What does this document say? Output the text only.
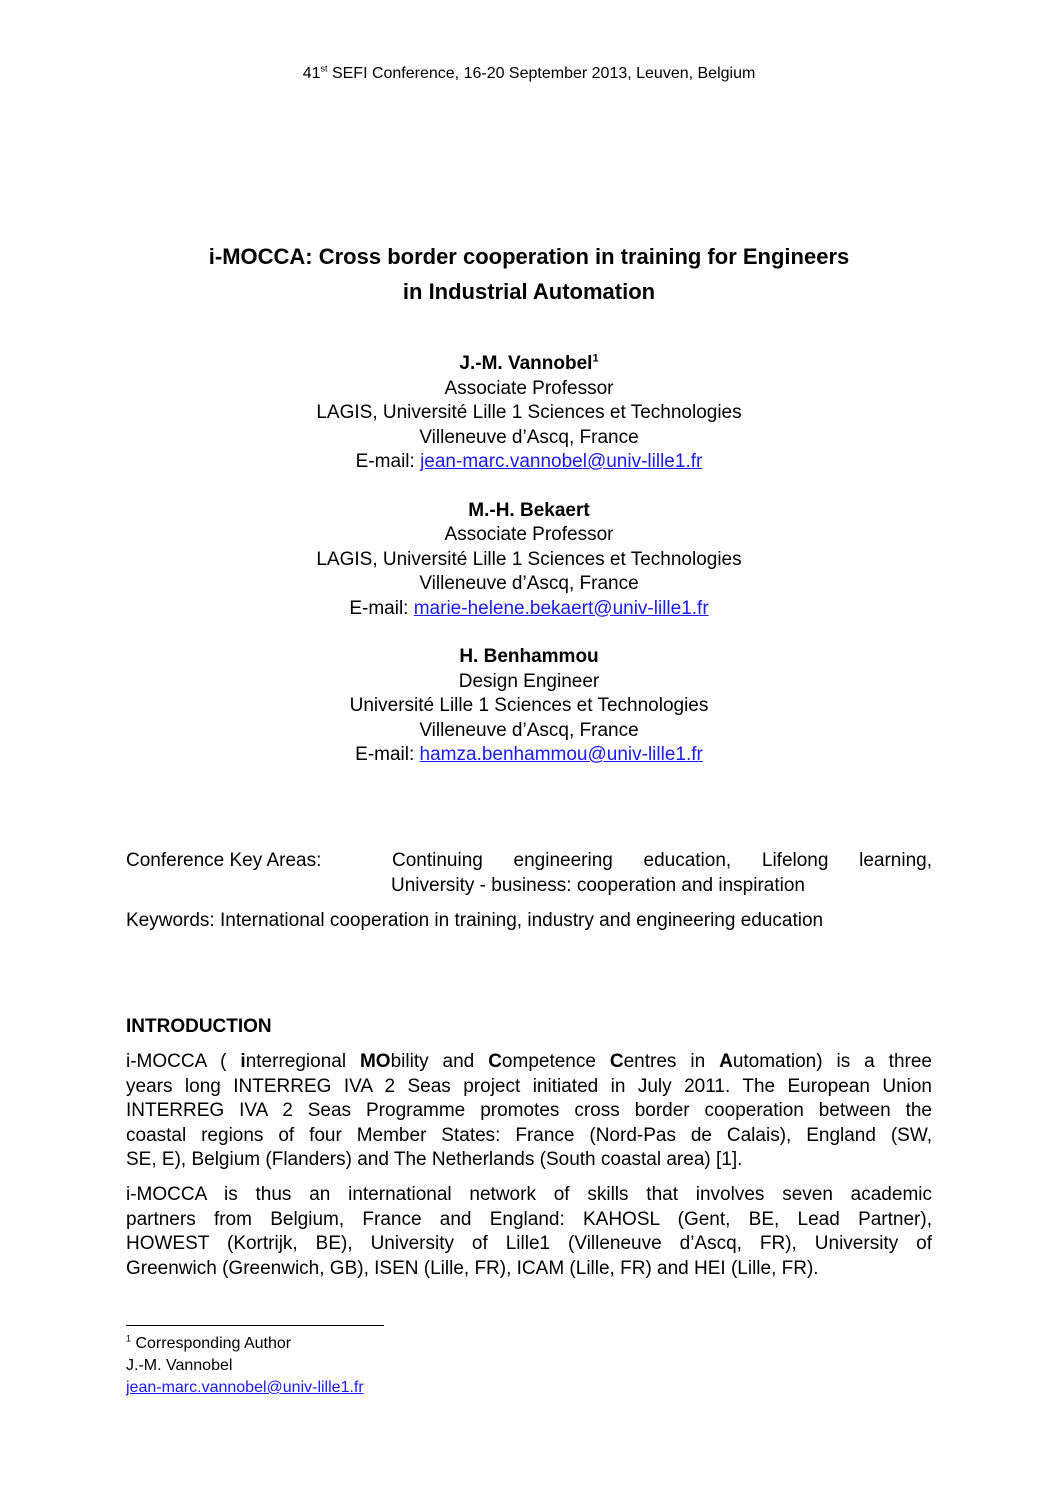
41st SEFI Conference, 16-20 September 2013, Leuven, Belgium
i-MOCCA: Cross border cooperation in training for Engineers
in Industrial Automation
J.-M. Vannobel$^1$
Associate Professor
LAGIS, Université Lille 1 Sciences et Technologies
Villeneuve d’Ascq, France
E-mail: jean-marc.vannobel@univ-lille1.fr
M.-H. Bekaert
Associate Professor
LAGIS, Université Lille 1 Sciences et Technologies
Villeneuve d’Ascq, France
E-mail: marie-helene.bekaert@univ-lille1.fr
H. Benhammou
Design Engineer
Université Lille 1 Sciences et Technologies
Villeneuve d’Ascq, France
E-mail: hamza.benhammou@univ-lille1.fr
Conference Key Areas:	Continuing engineering education, Lifelong learning,
University - business: cooperation and inspiration
Keywords: International cooperation in training, industry and engineering education
INTRODUCTION
i-MOCCA ( interregional MObility and Competence Centres in Automation) is a three
years long INTERREG IVA 2 Seas project initiated in July 2011. The European Union
INTERREG IVA 2 Seas Programme promotes cross border cooperation between the
coastal regions of four Member States: France (Nord-Pas de Calais), England (SW,
SE, E), Belgium (Flanders) and The Netherlands (South coastal area) [1].
i-MOCCA is thus an international network of skills that involves seven academic
partners from Belgium, France and England: KAHOSL (Gent, BE, Lead Partner),
HOWEST (Kortrijk, BE), University of Lille1 (Villeneuve d’Ascq, FR), University of
Greenwich (Greenwich, GB), ISEN (Lille, FR), ICAM (Lille, FR) and HEI (Lille, FR).
$^1$ Corresponding Author
J.-M. Vannobel
jean-marc.vannobel@univ-lille1.fr
